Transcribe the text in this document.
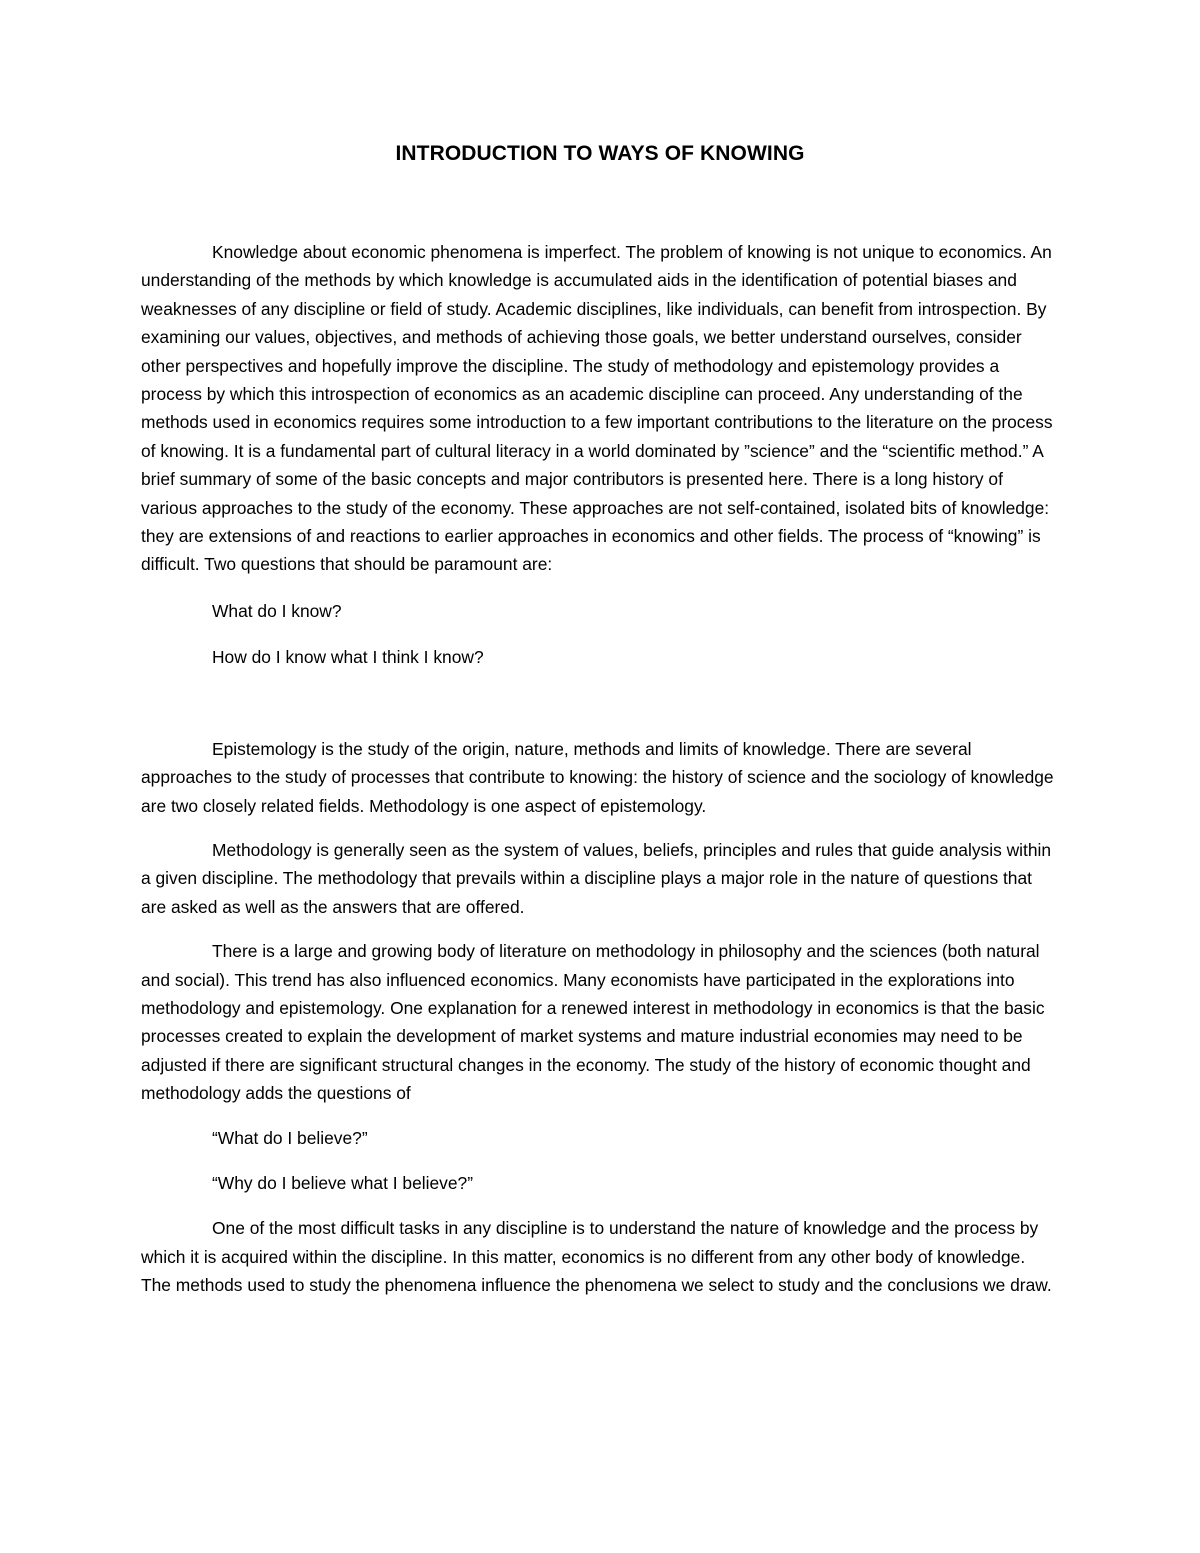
INTRODUCTION TO WAYS OF KNOWING

Knowledge about economic phenomena is imperfect. The problem of knowing is not unique to economics. An understanding of the methods by which knowledge is accumulated aids in the identification of potential biases and weaknesses of any discipline or field of study. Academic disciplines, like individuals, can benefit from introspection. By examining our values, objectives, and methods of achieving those goals, we better understand ourselves, consider other perspectives and hopefully improve the discipline. The study of methodology and epistemology provides a process by which this introspection of economics as an academic discipline can proceed. Any understanding of the methods used in economics requires some introduction to a few important contributions to the literature on the process of knowing. It is a fundamental part of cultural literacy in a world dominated by ”science” and the “scientific method.” A brief summary of some of the basic concepts and major contributors is presented here. There is a long history of various approaches to the study of the economy. These approaches are not self-contained, isolated bits of knowledge: they are extensions of and reactions to earlier approaches in economics and other fields. The process of “knowing” is difficult. Two questions that should be paramount are:

What do I know?

How do I know what I think I know?

Epistemology is the study of the origin, nature, methods and limits of knowledge. There are several approaches to the study of processes that contribute to knowing: the history of science and the sociology of knowledge are two closely related fields. Methodology is one aspect of epistemology.

Methodology is generally seen as the system of values, beliefs, principles and rules that guide analysis within a given discipline. The methodology that prevails within a discipline plays a major role in the nature of questions that are asked as well as the answers that are offered.

There is a large and growing body of literature on methodology in philosophy and the sciences (both natural and social). This trend has also influenced economics. Many economists have participated in the explorations into methodology and epistemology. One explanation for a renewed interest in methodology in economics is that the basic processes created to explain the development of market systems and mature industrial economies may need to be adjusted if there are significant structural changes in the economy. The study of the history of economic thought and methodology adds the questions of

“What do I believe?”

“Why do I believe what I believe?”

One of the most difficult tasks in any discipline is to understand the nature of knowledge and the process by which it is acquired within the discipline. In this matter, economics is no different from any other body of knowledge. The methods used to study the phenomena influence the phenomena we select to study and the conclusions we draw.
